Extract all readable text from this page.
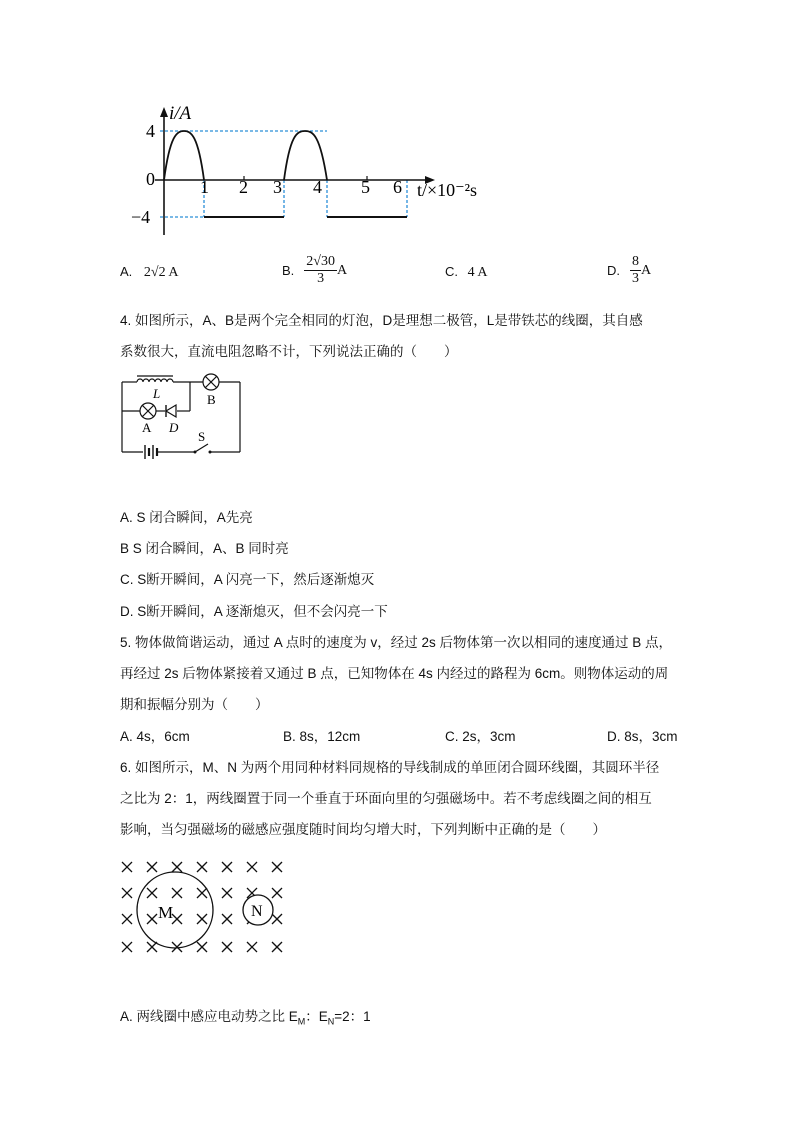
i/A
4
0
−4
1 2 3 4 5 6 t/×10⁻²s
A. 2√2 A	B. $\frac{2√30}{3}$ A	C. 4 A	D. $\frac{8}{3}$ A
4. 如图所示，A、B是两个完全相同的灯泡，D是理想二极管，L是带铁芯的线圈，其自感
系数很大，直流电阻忽略不计，下列说法正确的（　　）
L	B
A D
S
A. S 闭合瞬间，A先亮
B S 闭合瞬间，A、B 同时亮
C. S断开瞬间，A 闪亮一下，然后逐渐熄灭
D. S断开瞬间，A 逐渐熄灭，但不会闪亮一下
5. 物体做简谐运动，通过 A 点时的速度为 v，经过 2s 后物体第一次以相同的速度通过 B 点，
再经过 2s 后物体紧接着又通过 B 点，已知物体在 4s 内经过的路程为 6cm。则物体运动的周
期和振幅分别为（　　）
A. 4s，6cm	B. 8s，12cm	C. 2s，3cm	D. 8s，3cm
6. 如图所示，M、N 为两个用同种材料同规格的导线制成的单匝闭合圆环线圈，其圆环半径
之比为 2：1，两线圈置于同一个垂直于环面向里的匀强磁场中。若不考虑线圈之间的相互
影响，当匀强磁场的磁感应强度随时间均匀增大时，下列判断中正确的是（　　）
M	N
A. 两线圈中感应电动势之比 $E_M$：$E_N=2$：1
